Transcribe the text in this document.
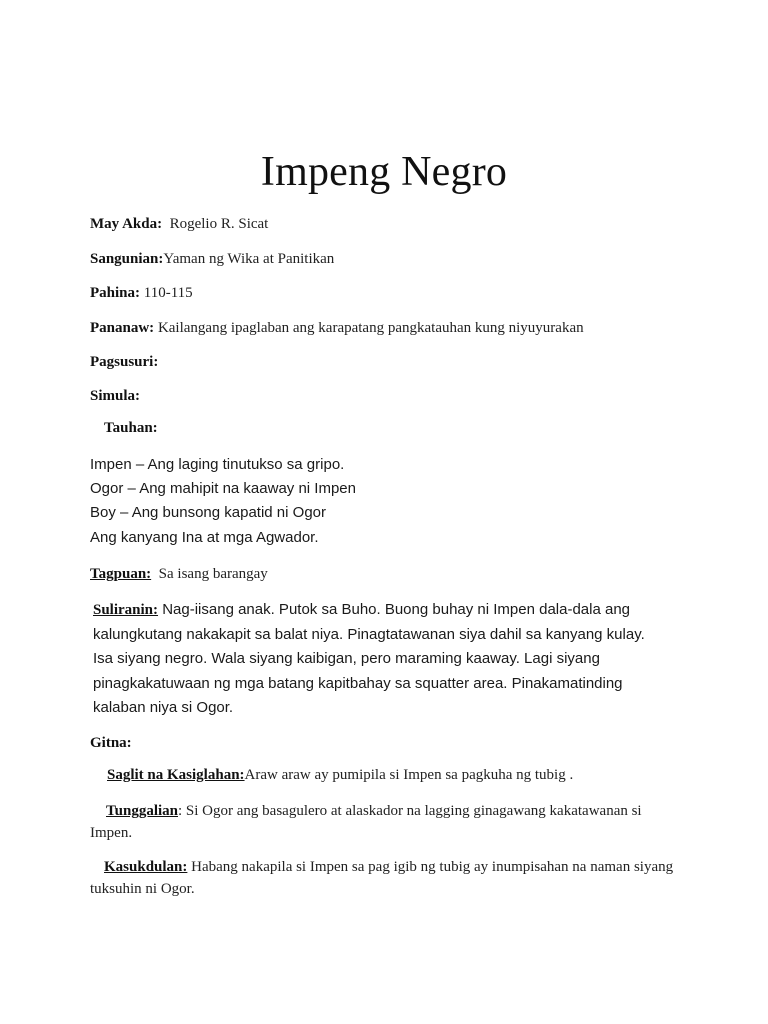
Impeng Negro
May Akda: Rogelio R. Sicat
Sangunian:Yaman ng Wika at Panitikan
Pahina: 110-115
Pananaw: Kailangang ipaglaban ang karapatang pangkatauhan kung niyuyurakan
Pagsusuri:
Simula:
Tauhan:
Impen – Ang laging tinutukso sa gripo.
Ogor – Ang mahipit na kaaway ni Impen
Boy – Ang bunsong kapatid ni Ogor
Ang kanyang Ina at mga Agwador.
Tagpuan: Sa isang barangay
Suliranin: Nag-iisang anak. Putok sa Buho. Buong buhay ni Impen dala-dala ang kalungkutang nakakapit sa balat niya. Pinagtatawanan siya dahil sa kanyang kulay. Isa siyang negro. Wala siyang kaibigan, pero maraming kaaway. Lagi siyang pinagkakatuwaan ng mga batang kapitbahay sa squatter area. Pinakamatinding kalaban niya si Ogor.
Gitna:
Saglit na Kasiglahan:Araw araw ay pumipila si Impen sa pagkuha ng tubig .
Tunggalian: Si Ogor ang basagulero at alaskador na lagging ginagawang kakatawanan si Impen.
Kasukdulan: Habang nakapila si Impen sa pag igib ng tubig ay inumpisahan na naman siyang tuksuhin ni Ogor.
